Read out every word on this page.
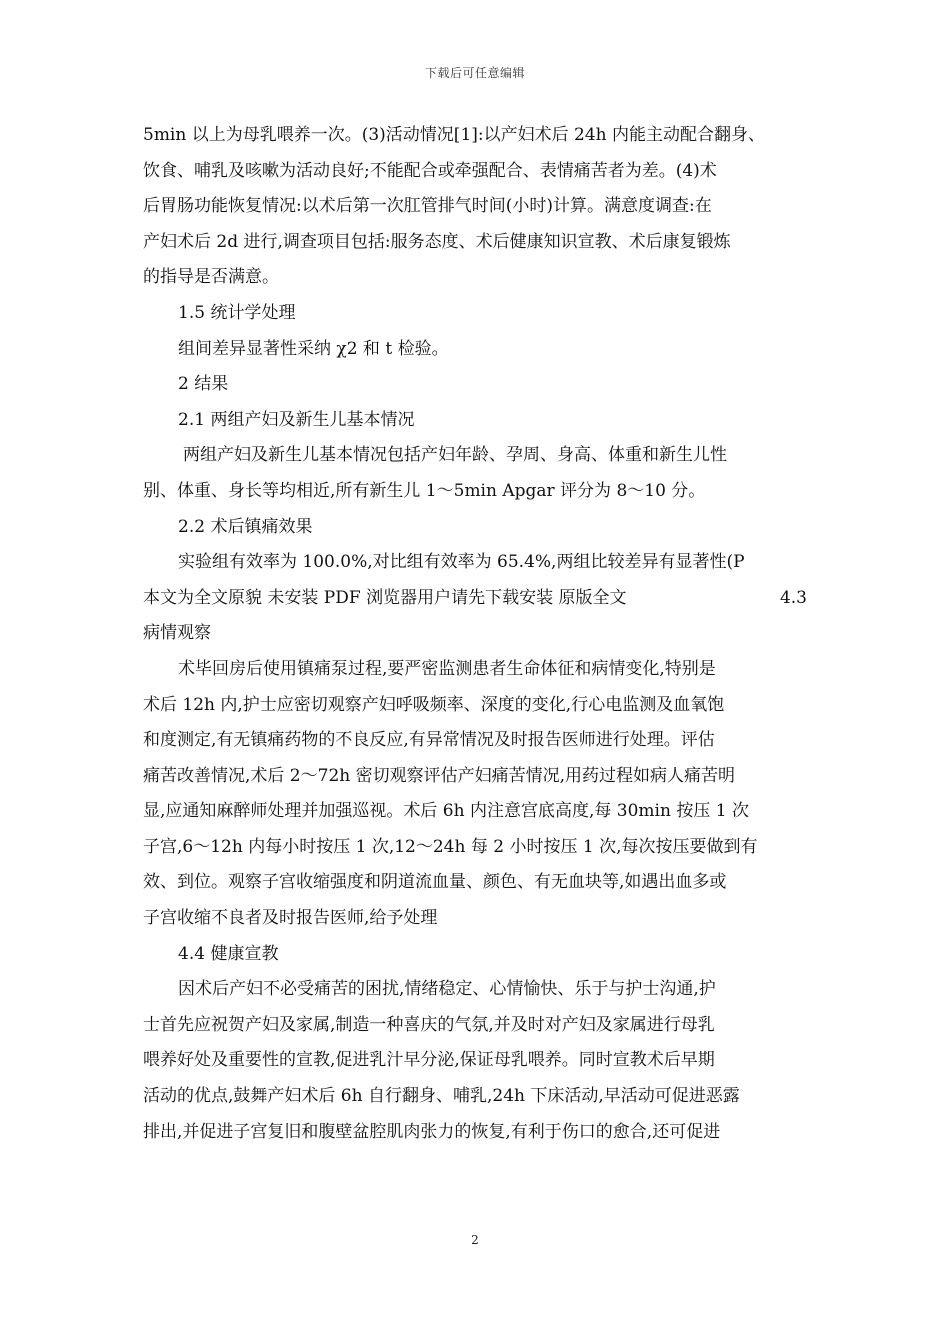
下载后可任意编辑
5min 以上为母乳喂养一次。(3)活动情况[1]:以产妇术后 24h 内能主动配合翻身、
饮食、哺乳及咳嗽为活动良好;不能配合或牵强配合、表情痛苦者为差。(4)术
后胃肠功能恢复情况:以术后第一次肛管排气时间(小时)计算。满意度调查:在
产妇术后 2d 进行,调查项目包括:服务态度、术后健康知识宣教、术后康复锻炼
的指导是否满意。
1.5 统计学处理
组间差异显著性采纳 χ2 和 t 检验。
2 结果
2.1 两组产妇及新生儿基本情况
两组产妇及新生儿基本情况包括产妇年龄、孕周、身高、体重和新生儿性
别、体重、身长等均相近,所有新生儿 1～5min Apgar 评分为 8～10 分。
2.2 术后镇痛效果
实验组有效率为 100.0%,对比组有效率为 65.4%,两组比较差异有显著性(P
本文为全文原貌 未安装 PDF 浏览器用户请先下载安装 原版全文	4.3
病情观察
术毕回房后使用镇痛泵过程,要严密监测患者生命体征和病情变化,特别是
术后 12h 内,护士应密切观察产妇呼吸频率、深度的变化,行心电监测及血氧饱
和度测定,有无镇痛药物的不良反应,有异常情况及时报告医师进行处理。评估
痛苦改善情况,术后 2～72h 密切观察评估产妇痛苦情况,用药过程如病人痛苦明
显,应通知麻醉师处理并加强巡视。术后 6h 内注意宫底高度,每 30min 按压 1 次
子宫,6～12h 内每小时按压 1 次,12～24h 每 2 小时按压 1 次,每次按压要做到有
效、到位。观察子宫收缩强度和阴道流血量、颜色、有无血块等,如遇出血多或
子宫收缩不良者及时报告医师,给予处理
4.4 健康宣教
因术后产妇不必受痛苦的困扰,情绪稳定、心情愉快、乐于与护士沟通,护
士首先应祝贺产妇及家属,制造一种喜庆的气氛,并及时对产妇及家属进行母乳
喂养好处及重要性的宣教,促进乳汁早分泌,保证母乳喂养。同时宣教术后早期
活动的优点,鼓舞产妇术后 6h 自行翻身、哺乳,24h 下床活动,早活动可促进恶露
排出,并促进子宫复旧和腹壁盆腔肌肉张力的恢复,有利于伤口的愈合,还可促进
2
